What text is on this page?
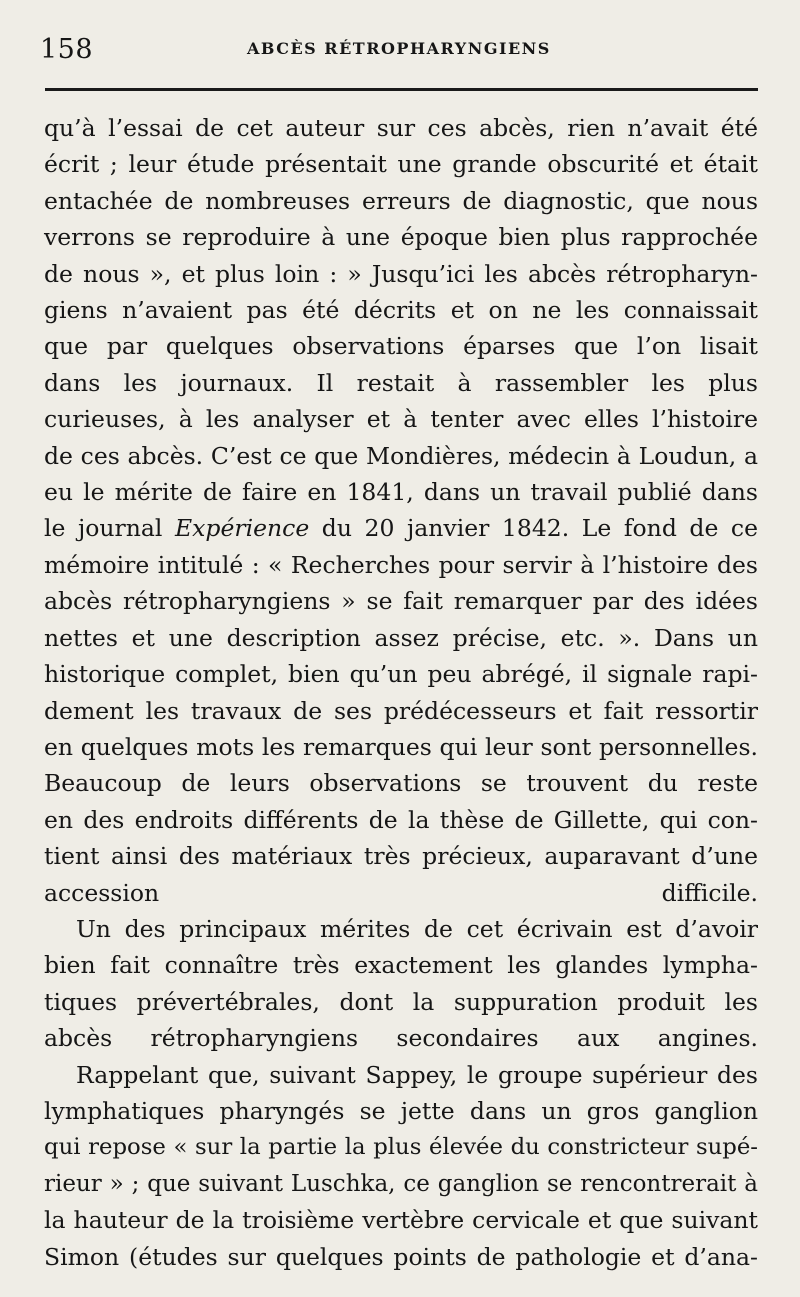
158	ABCÈS RÉTROPHARYNGIENS

qu’à l’essai de cet auteur sur ces abcès, rien n’avait été
écrit ; leur étude présentait une grande obscurité et était
entachée de nombreuses erreurs de diagnostic, que nous
verrons se reproduire à une époque bien plus rapprochée
de nous », et plus loin : » Jusqu’ici les abcès rétropharyn-
giens n’avaient pas été décrits et on ne les connaissait
que par quelques observations éparses que l’on lisait
dans les journaux. Il restait à rassembler les plus
curieuses, à les analyser et à tenter avec elles l’histoire
de ces abcès. C’est ce que Mondières, médecin à Loudun, a
eu le mérite de faire en 1841, dans un travail publié dans
le journal Expérience du 20 janvier 1842. Le fond de ce
mémoire intitulé : « Recherches pour servir à l’histoire des
abcès rétropharyngiens » se fait remarquer par des idées
nettes et une description assez précise, etc. ». Dans un
historique complet, bien qu’un peu abrégé, il signale rapi-
dement les travaux de ses prédécesseurs et fait ressortir
en quelques mots les remarques qui leur sont personnelles.
Beaucoup de leurs observations se trouvent du reste
en des endroits différents de la thèse de Gillette, qui con-
tient ainsi des matériaux très précieux, auparavant d’une
accession difficile.

Un des principaux mérites de cet écrivain est d’avoir
bien fait connaître très exactement les glandes lympha-
tiques prévertébrales, dont la suppuration produit les
abcès rétropharyngiens secondaires aux angines.

Rappelant que, suivant Sappey, le groupe supérieur des
lymphatiques pharyngés se jette dans un gros ganglion
qui repose « sur la partie la plus élevée du constricteur supé-
rieur » ; que suivant Luschka, ce ganglion se rencontrerait à
la hauteur de la troisième vertèbre cervicale et que suivant
Simon (études sur quelques points de pathologie et d’ana-
